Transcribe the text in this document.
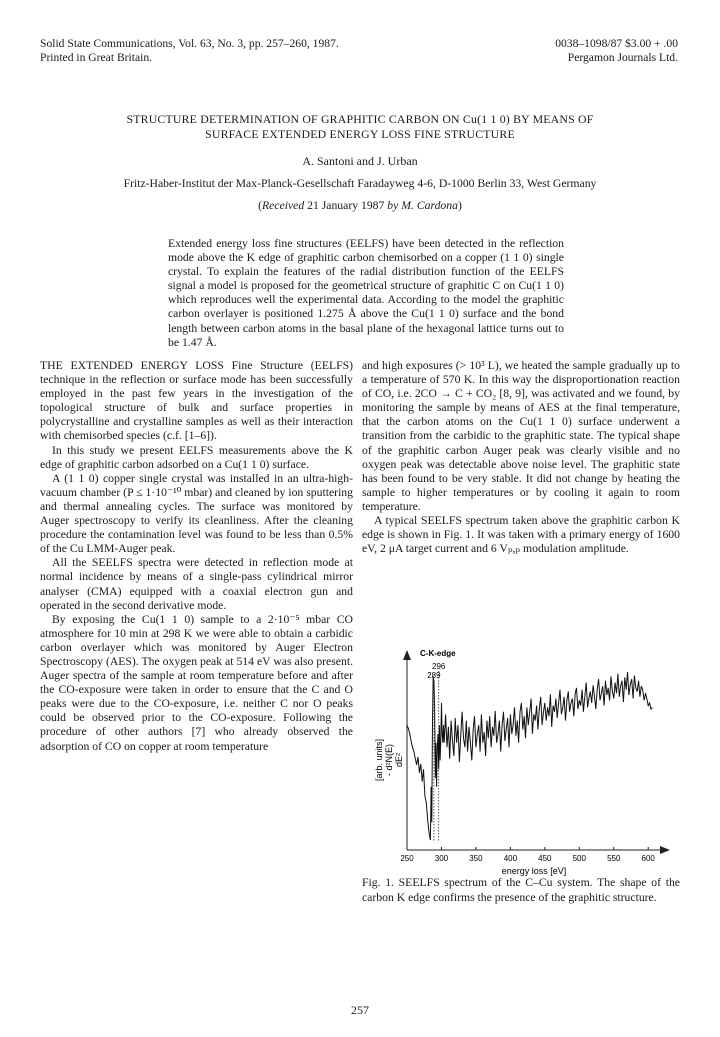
Solid State Communications, Vol. 63, No. 3, pp. 257–260, 1987.
Printed in Great Britain.
0038–1098/87 $3.00 + .00
Pergamon Journals Ltd.
STRUCTURE DETERMINATION OF GRAPHITIC CARBON ON Cu(1 1 0) BY MEANS OF
SURFACE EXTENDED ENERGY LOSS FINE STRUCTURE
A. Santoni and J. Urban
Fritz-Haber-Institut der Max-Planck-Gesellschaft Faradayweg 4-6, D-1000 Berlin 33, West Germany
(Received 21 January 1987 by M. Cardona)
Extended energy loss fine structures (EELFS) have been detected in the reflection mode above the K edge of graphitic carbon chemisorbed on a copper (1 1 0) single crystal. To explain the features of the radial distribution function of the EELFS signal a model is proposed for the geometrical structure of graphitic C on Cu(1 1 0) which reproduces well the experimental data. According to the model the graphitic carbon overlayer is positioned 1.275 Å above the Cu(1 1 0) surface and the bond length between carbon atoms in the basal plane of the hexagonal lattice turns out to be 1.47 Å.

THE EXTENDED ENERGY LOSS Fine Structure (EELFS) technique in the reflection or surface mode has been successfully employed in the past few years in the investigation of the topological structure of bulk and surface properties in polycrystalline and crystalline samples as well as their interaction with chemisorbed species (c.f. [1–6]).

In this study we present EELFS measurements above the K edge of graphitic carbon adsorbed on a Cu(1 1 0) surface.

A (1 1 0) copper single crystal was installed in an ultra-high-vacuum chamber (P ≤ 1·10⁻¹⁰ mbar) and cleaned by ion sputtering and thermal annealing cycles. The surface was monitored by Auger spectroscopy to verify its cleanliness. After the cleaning procedure the contamination level was found to be less than 0.5% of the Cu LMM-Auger peak.

All the SEELFS spectra were detected in reflection mode at normal incidence by means of a single-pass cylindrical mirror analyser (CMA) equipped with a coaxial electron gun and operated in the second derivative mode.

By exposing the Cu(1 1 0) sample to a 2·10⁻⁵ mbar CO atmosphere for 10 min at 298 K we were able to obtain a carbidic carbon overlayer which was monitored by Auger Electron Spectroscopy (AES). The oxygen peak at 514 eV was also present. Auger spectra of the sample at room temperature before and after the CO-exposure were taken in order to ensure that the C and O peaks were due to the CO-exposure, i.e. neither C nor O peaks could be observed prior to the CO-exposure. Following the procedure of other authors [7] who already observed the adsorption of CO on copper at room temperature

and high exposures (> 10³ L), we heated the sample gradually up to a temperature of 570 K. In this way the disproportionation reaction of CO, i.e. 2CO → C + CO₂ [8, 9], was activated and we found, by monitoring the sample by means of AES at the final temperature, that the carbon atoms on the Cu(1 1 0) surface underwent a transition from the carbidic to the graphitic state. The typical shape of the graphitic carbon Auger peak was clearly visible and no oxygen peak was detectable above noise level. The graphitic state has been found to be very stable. It did not change by heating the sample to higher temperatures or by cooling it again to room temperature.

A typical SEELFS spectrum taken above the graphitic carbon K edge is shown in Fig. 1. It was taken with a primary energy of 1600 eV, 2 μA target current and 6 Vₚ,ₚ modulation amplitude.

250	300	350	400	450	500	550	600
C-K-edge
296
289
- d²N(E) dE²
[arb. units]
energy loss [eV]
Fig. 1. SEELFS spectrum of the C–Cu system. The shape of the carbon K edge confirms the presence of the graphitic structure.
257
